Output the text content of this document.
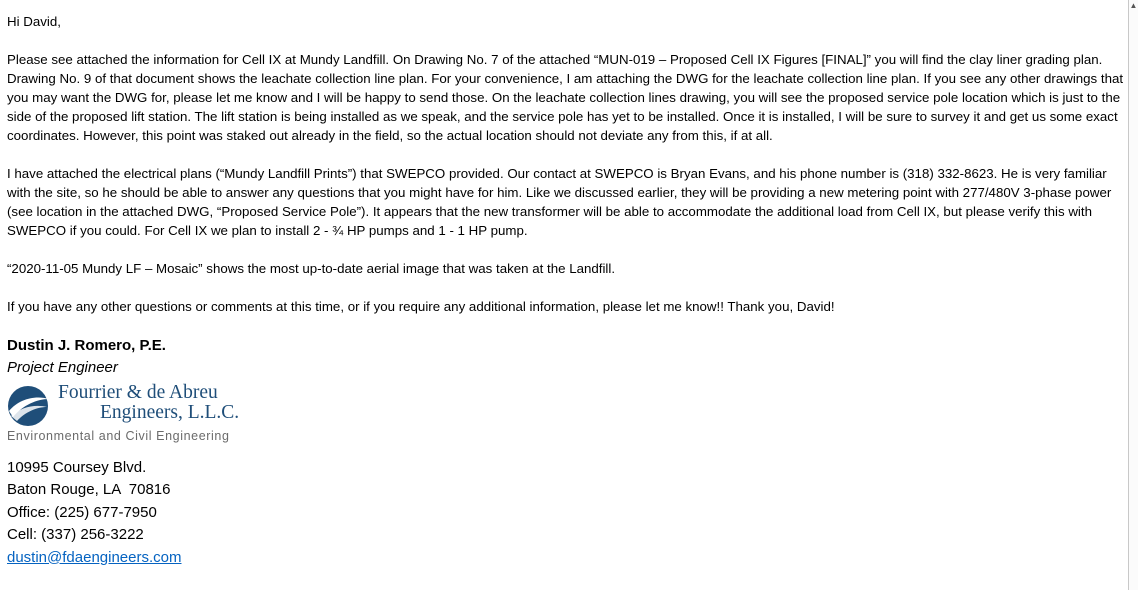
▲

Hi David,

Please see attached the information for Cell IX at Mundy Landfill. On Drawing No. 7 of the attached “MUN-019 – Proposed Cell IX Figures [FINAL]” you will find the clay liner grading plan. Drawing No. 9 of that document shows the leachate collection line plan. For your convenience, I am attaching the DWG for the leachate collection line plan. If you see any other drawings that you may want the DWG for, please let me know and I will be happy to send those. On the leachate collection lines drawing, you will see the proposed service pole location which is just to the side of the proposed lift station. The lift station is being installed as we speak, and the service pole has yet to be installed. Once it is installed, I will be sure to survey it and get us some exact coordinates. However, this point was staked out already in the field, so the actual location should not deviate any from this, if at all.

I have attached the electrical plans (“Mundy Landfill Prints”) that SWEPCO provided. Our contact at SWEPCO is Bryan Evans, and his phone number is (318) 332-8623. He is very familiar with the site, so he should be able to answer any questions that you might have for him. Like we discussed earlier, they will be providing a new metering point with 277/480V 3-phase power (see location in the attached DWG, “Proposed Service Pole”). It appears that the new transformer will be able to accommodate the additional load from Cell IX, but please verify this with SWEPCO if you could. For Cell IX we plan to install 2 - ¾ HP pumps and 1 - 1 HP pump.

“2020-11-05 Mundy LF – Mosaic” shows the most up-to-date aerial image that was taken at the Landfill.

If you have any other questions or comments at this time, or if you require any additional information, please let me know!! Thank you, David!

Dustin J. Romero, P.E.
Project Engineer
Fourrier & de Abreu
Engineers, L.L.C.
Environmental and Civil Engineering
10995 Coursey Blvd.
Baton Rouge, LA  70816
Office: (225) 677-7950
Cell: (337) 256-3222
dustin@fdaengineers.com
